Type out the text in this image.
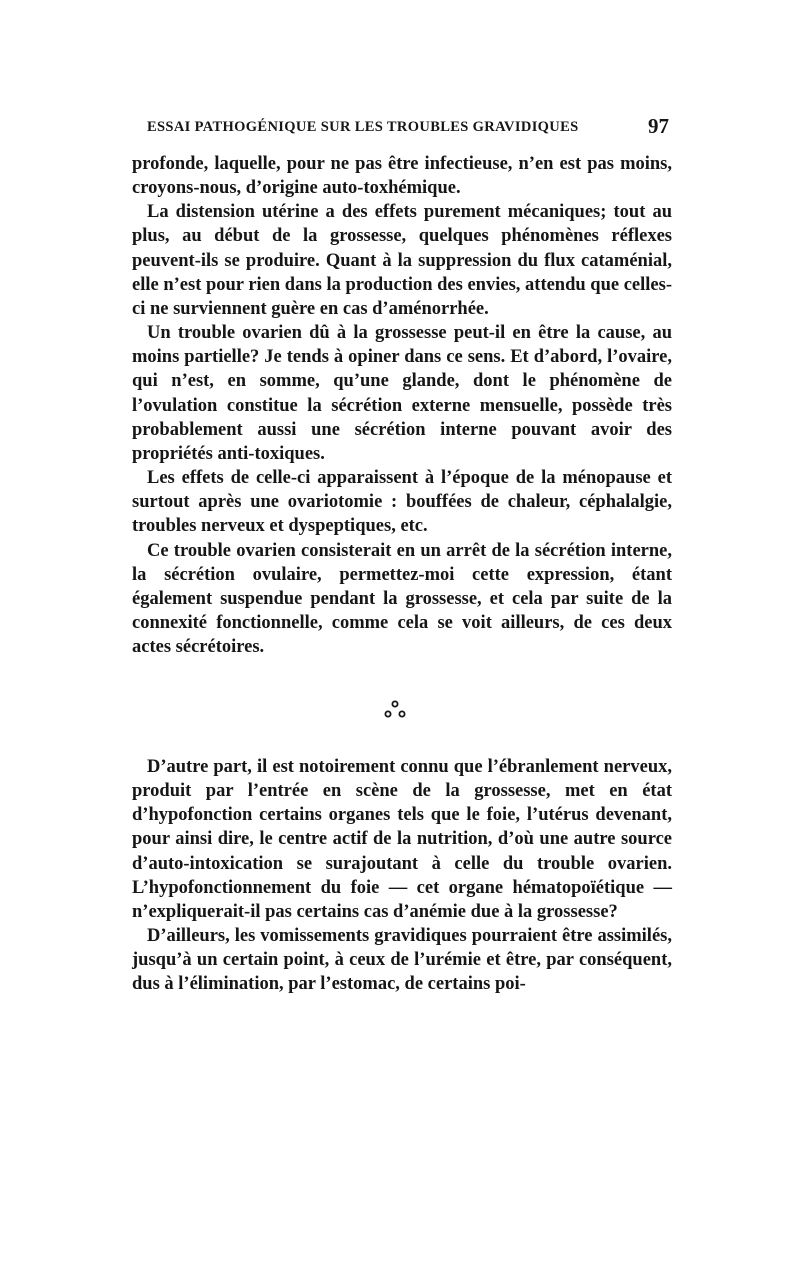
ESSAI PATHOGÉNIQUE SUR LES TROUBLES GRAVIDIQUES	97

profonde, laquelle, pour ne pas être infectieuse, n’en est pas moins, croyons-nous, d’origine auto-toxhémique.

La distension utérine a des effets purement mécaniques; tout au plus, au début de la grossesse, quelques phénomènes réflexes peuvent-ils se produire. Quant à la suppression du flux cataménial, elle n’est pour rien dans la production des envies, attendu que celles-ci ne surviennent guère en cas d’aménorrhée.

Un trouble ovarien dû à la grossesse peut-il en être la cause, au moins partielle? Je tends à opiner dans ce sens. Et d’abord, l’ovaire, qui n’est, en somme, qu’une glande, dont le phénomène de l’ovulation constitue la sécrétion externe mensuelle, possède très probablement aussi une sécrétion interne pouvant avoir des propriétés anti-toxiques.

Les effets de celle-ci apparaissent à l’époque de la ménopause et surtout après une ovariotomie : bouffées de chaleur, céphalalgie, troubles nerveux et dyspeptiques, etc.

Ce trouble ovarien consisterait en un arrêt de la sécrétion interne, la sécrétion ovulaire, permettez-moi cette expression, étant également suspendue pendant la grossesse, et cela par suite de la connexité fonctionnelle, comme cela se voit ailleurs, de ces deux actes sécrétoires.

D’autre part, il est notoirement connu que l’ébranlement nerveux, produit par l’entrée en scène de la grossesse, met en état d’hypofonction certains organes tels que le foie, l’utérus devenant, pour ainsi dire, le centre actif de la nutrition, d’où une autre source d’auto-intoxication se surajoutant à celle du trouble ovarien. L’hypofonctionnement du foie — cet organe hématopoïétique — n’expliquerait-il pas certains cas d’anémie due à la grossesse?

D’ailleurs, les vomissements gravidiques pourraient être assimilés, jusqu’à un certain point, à ceux de l’urémie et être, par conséquent, dus à l’élimination, par l’estomac, de certains poi-
